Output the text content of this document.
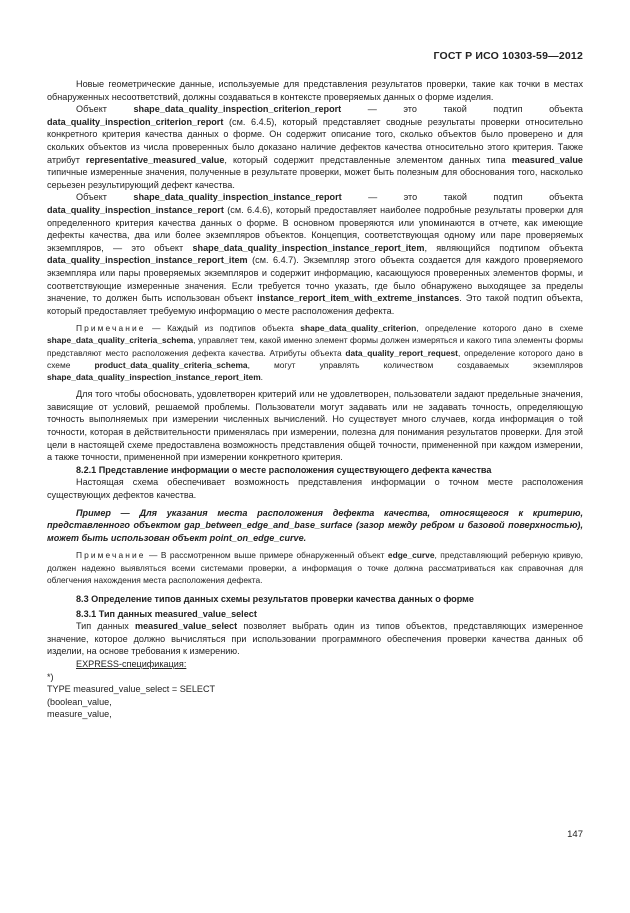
ГОСТ Р ИСО 10303-59—2012

Новые геометрические данные, используемые для представления результатов проверки, такие как точки в местах обнаруженных несоответствий, должны создаваться в контексте проверяемых данных о форме изделия.

Объект shape_data_quality_inspection_criterion_report — это такой подтип объекта data_quality_inspection_criterion_report (см. 6.4.5), который представляет сводные результаты проверки относительно конкретного критерия качества данных о форме. Он содержит описание того, сколько объектов было проверено и для скольких объектов из числа проверенных было доказано наличие дефектов качества относительно этого критерия. Также атрибут representative_measured_value, который содержит представленные элементом данных типа measured_value типичные измеренные значения, полученные в результате проверки, может быть полезным для обоснования того, насколько серьезен результирующий дефект качества.

Объект shape_data_quality_inspection_instance_report — это такой подтип объекта data_quality_inspection_instance_report (см. 6.4.6), который предоставляет наиболее подробные результаты проверки для определенного критерия качества данных о форме. В основном проверяются или упоминаются в отчете, как имеющие дефекты качества, два или более экземпляров объектов. Концепция, соответствующая одному или паре проверяемых экземпляров, — это объект shape_data_quality_inspection_instance_report_item, являющийся подтипом объекта data_quality_inspection_instance_report_item (см. 6.4.7). Экземпляр этого объекта создается для каждого проверяемого экземпляра или пары проверяемых экземпляров и содержит информацию, касающуюся проверенных элементов формы, и соответствующие измеренные значения. Если требуется точно указать, где было обнаружено выходящее за пределы значение, то должен быть использован объект instance_report_item_with_extreme_instances. Это такой подтип объекта, который предоставляет требуемую информацию о месте расположения дефекта.

Примечание — Каждый из подтипов объекта shape_data_quality_criterion, определение которого дано в схеме shape_data_quality_criteria_schema, управляет тем, какой именно элемент формы должен измеряться и какого типа элементы формы представляют место расположения дефекта качества. Атрибуты объекта data_quality_report_request, определение которого дано в схеме product_data_quality_criteria_schema, могут управлять количеством создаваемых экземпляров shape_data_quality_inspection_instance_report_item.

Для того чтобы обосновать, удовлетворен критерий или не удовлетворен, пользователи задают предельные значения, зависящие от условий, решаемой проблемы. Пользователи могут задавать или не задавать точность, определяющую точность выполняемых при измерении численных вычислений. Но существует много случаев, когда информация о той точности, которая в действительности применялась при измерении, полезна для понимания результатов проверки. Для этой цели в настоящей схеме предоставлена возможность представления общей точности, примененной при каждом измерении, а также точности, примененной при измерении конкретного критерия.

8.2.1 Представление информации о месте расположения существующего дефекта качества

Настоящая схема обеспечивает возможность представления информации о точном месте расположения существующих дефектов качества.

Пример — Для указания места расположения дефекта качества, относящегося к критерию, представленного объектом gap_between_edge_and_base_surface (зазор между ребром и базовой поверхностью), может быть использован объект point_on_edge_curve.

Примечание — В рассмотренном выше примере обнаруженный объект edge_curve, представляющий реберную кривую, должен надежно выявляться всеми системами проверки, а информация о точке должна рассматриваться как справочная для облегчения нахождения места расположения дефекта.

8.3 Определение типов данных схемы результатов проверки качества данных о форме

8.3.1 Тип данных measured_value_select

Тип данных measured_value_select позволяет выбрать один из типов объектов, представляющих измеренное значение, которое должно вычисляться при использовании программного обеспечения проверки качества данных об изделии, на основе требования к измерению.

EXPRESS-спецификация:

*)

TYPE measured_value_select = SELECT

(boolean_value,

measure_value,

147
